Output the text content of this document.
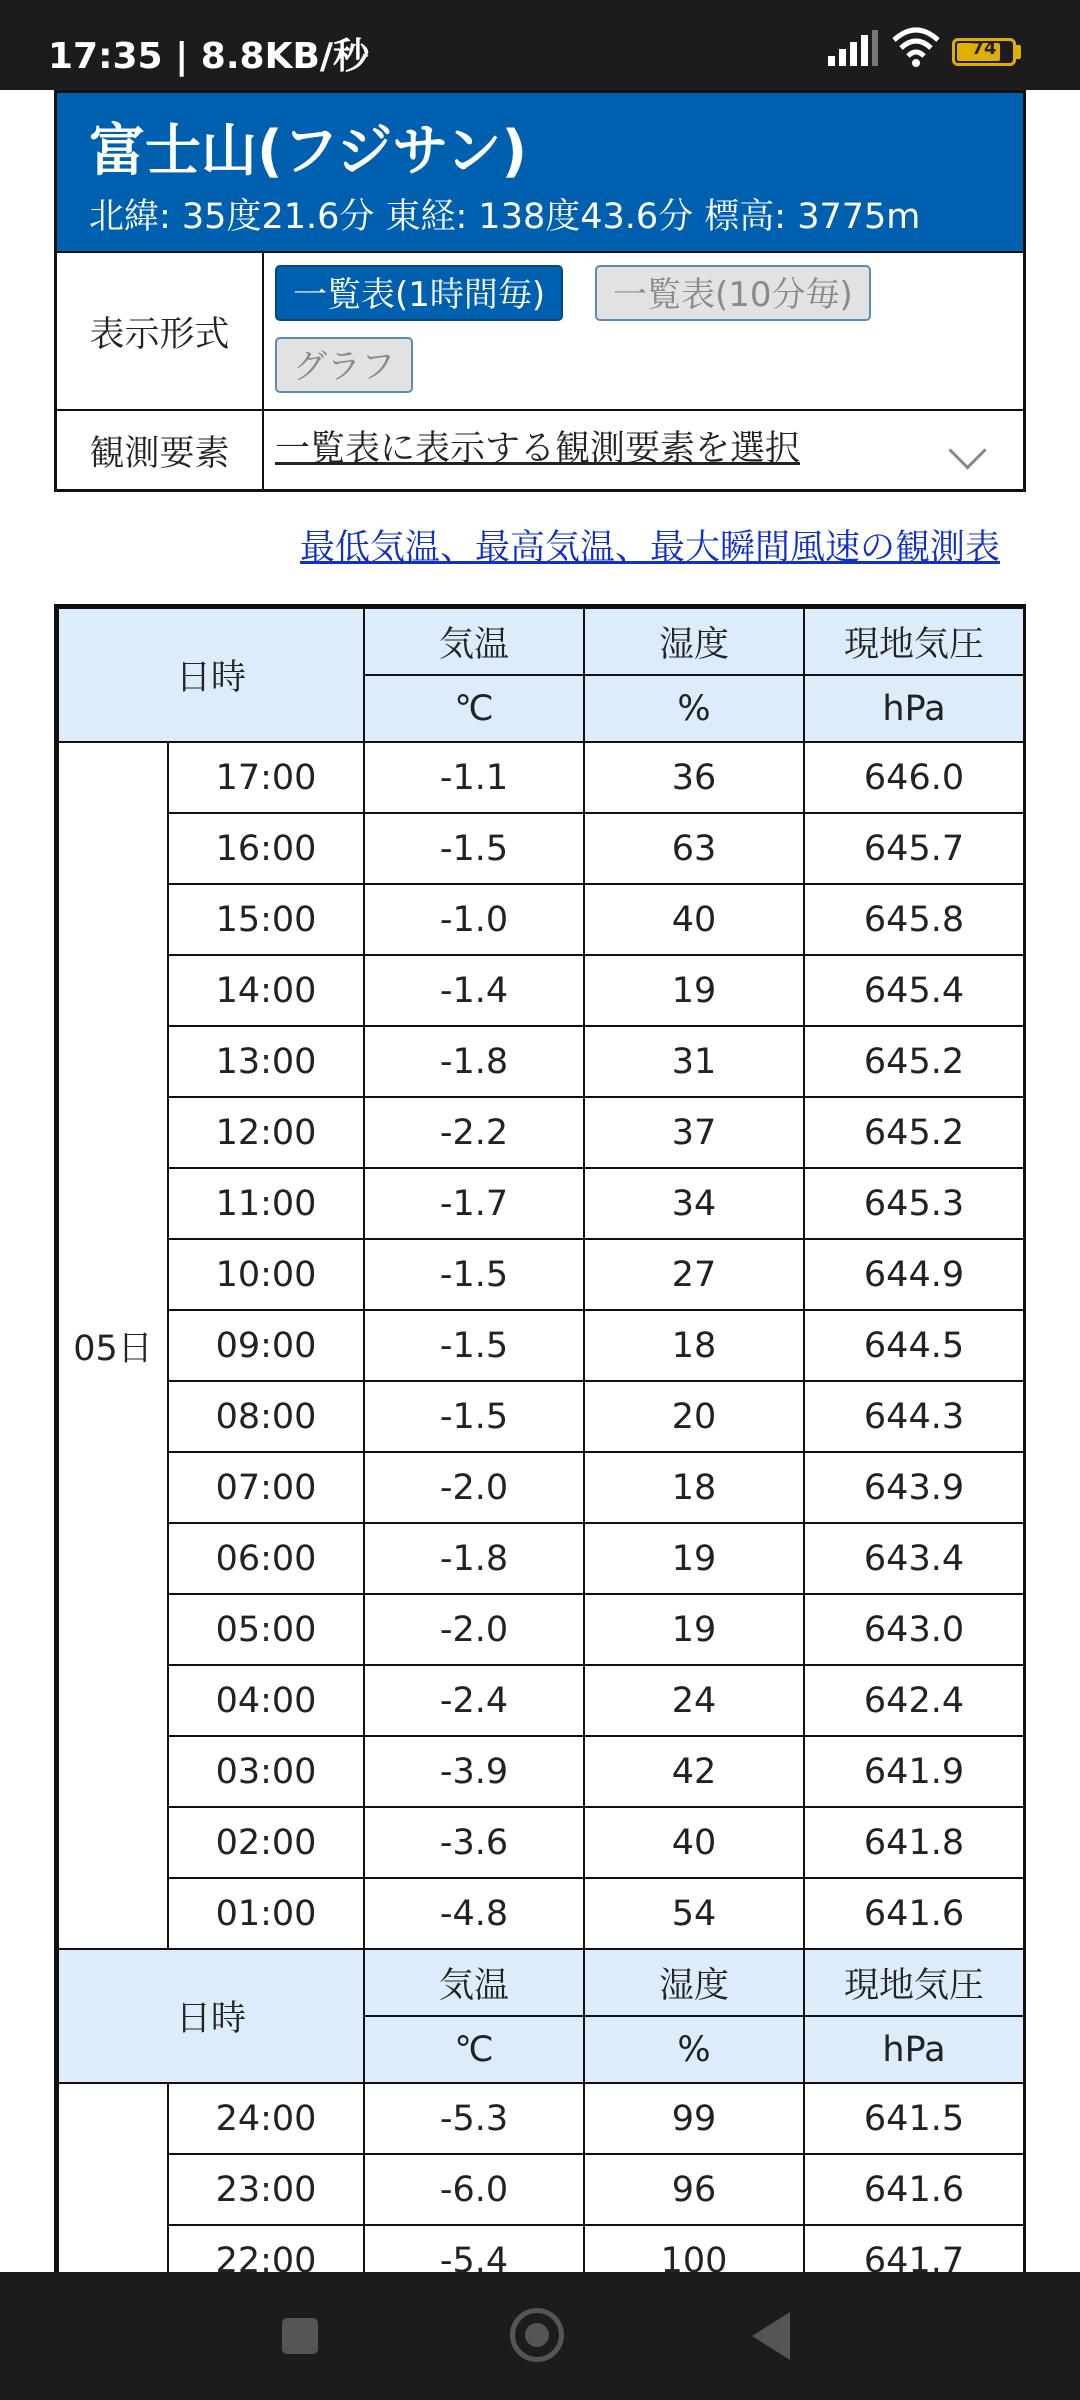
17:35 | 8.8KB/秒	74
富士山(フジサン)
北緯: 35度21.6分 東経: 138度43.6分 標高: 3775m
表示形式
一覧表(1時間毎)	一覧表(10分毎)
グラフ
観測要素	一覧表に表示する観測要素を選択
最低気温、最高気温、最大瞬間風速の観測表
日時		気温	湿度	現地気圧
		℃	%	hPa
05日	17:00	-1.1	36	646.0
	16:00	-1.5	63	645.7
	15:00	-1.0	40	645.8
	14:00	-1.4	19	645.4
	13:00	-1.8	31	645.2
	12:00	-2.2	37	645.2
	11:00	-1.7	34	645.3
	10:00	-1.5	27	644.9
	09:00	-1.5	18	644.5
	08:00	-1.5	20	644.3
	07:00	-2.0	18	643.9
	06:00	-1.8	19	643.4
	05:00	-2.0	19	643.0
	04:00	-2.4	24	642.4
	03:00	-3.9	42	641.9
	02:00	-3.6	40	641.8
	01:00	-4.8	54	641.6
日時		気温	湿度	現地気圧
		℃	%	hPa
	24:00	-5.3	99	641.5
	23:00	-6.0	96	641.6
	22:00	-5.4	100	641.7
